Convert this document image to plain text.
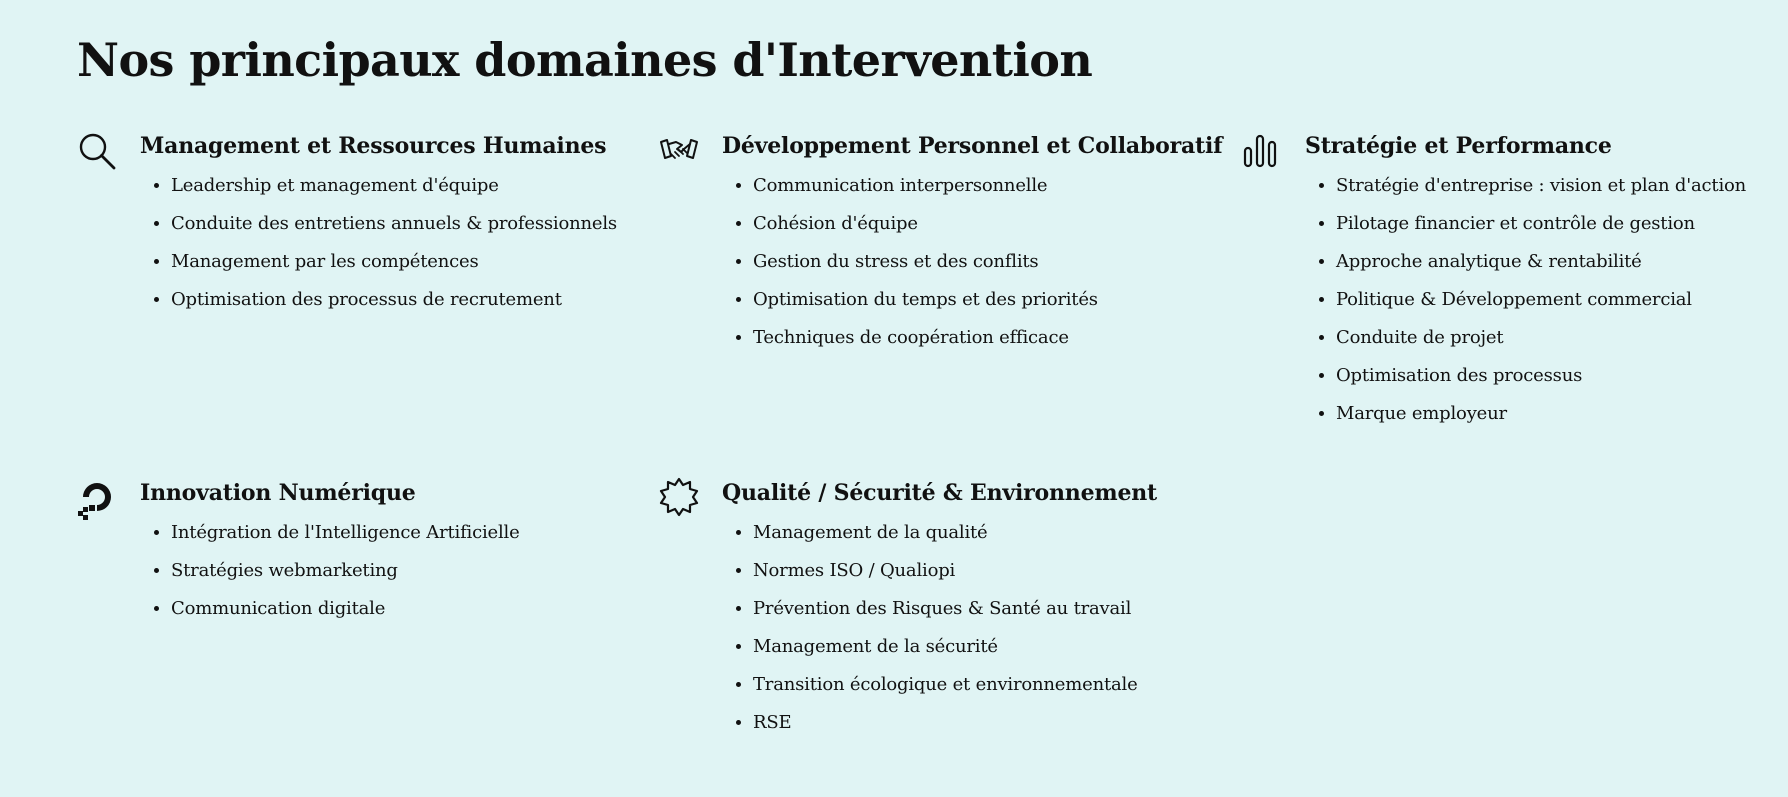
Nos principaux domaines d'Intervention
Management et Ressources Humaines
• Leadership et management d'équipe
• Conduite des entretiens annuels & professionnels
• Management par les compétences
• Optimisation des processus de recrutement
Développement Personnel et Collaboratif
• Communication interpersonnelle
• Cohésion d'équipe
• Gestion du stress et des conflits
• Optimisation du temps et des priorités
• Techniques de coopération efficace
Stratégie et Performance
• Stratégie d'entreprise : vision et plan d'action
• Pilotage financier et contrôle de gestion
• Approche analytique & rentabilité
• Politique & Développement commercial
• Conduite de projet
• Optimisation des processus
• Marque employeur
Innovation Numérique
• Intégration de l'Intelligence Artificielle
• Stratégies webmarketing
• Communication digitale
Qualité / Sécurité & Environnement
• Management de la qualité
• Normes ISO / Qualiopi
• Prévention des Risques & Santé au travail
• Management de la sécurité
• Transition écologique et environnementale
• RSE
